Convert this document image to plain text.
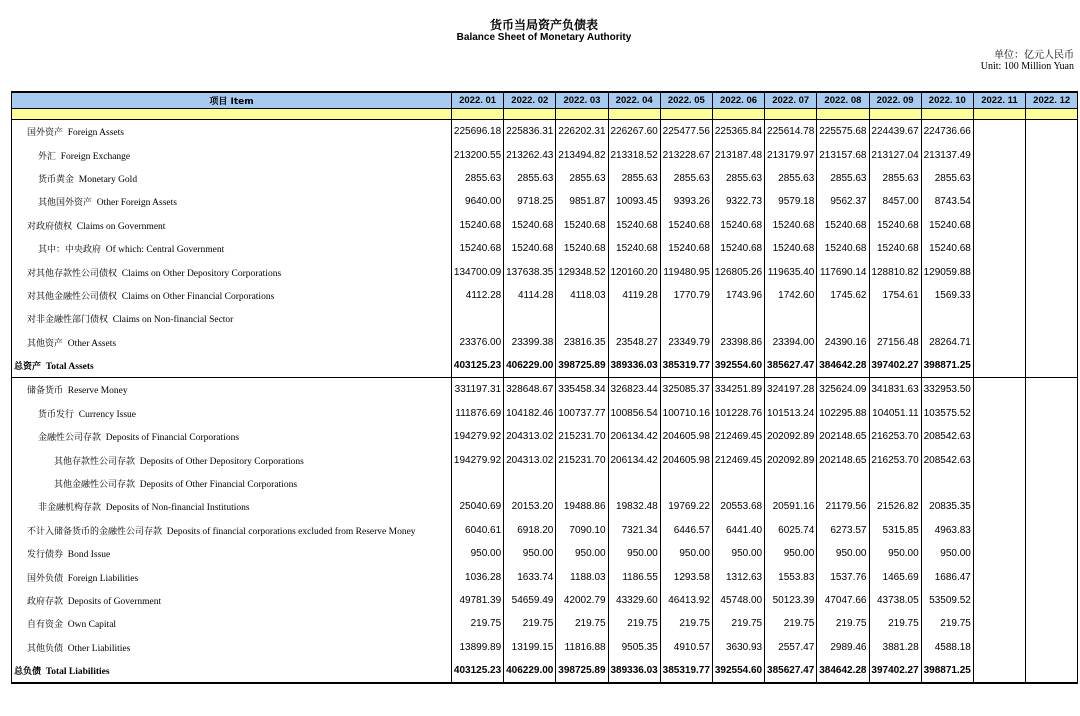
货币当局资产负债表
Balance Sheet of Monetary Authority
单位：亿元人民币
Unit: 100 Million Yuan
项目 Item	2022. 01	2022. 02	2022. 03	2022. 04	2022. 05	2022. 06	2022. 07	2022. 08	2022. 09	2022. 10	2022. 11	2022. 12

国外资产 Foreign Assets	225696.18	225836.31	226202.31	226267.60	225477.56	225365.84	225614.78	225575.68	224439.67	224736.66		
外汇 Foreign Exchange	213200.55	213262.43	213494.82	213318.52	213228.67	213187.48	213179.97	213157.68	213127.04	213137.49		
货币黄金 Monetary Gold	2855.63	2855.63	2855.63	2855.63	2855.63	2855.63	2855.63	2855.63	2855.63	2855.63		
其他国外资产 Other Foreign Assets	9640.00	9718.25	9851.87	10093.45	9393.26	9322.73	9579.18	9562.37	8457.00	8743.54		
对政府债权 Claims on Government	15240.68	15240.68	15240.68	15240.68	15240.68	15240.68	15240.68	15240.68	15240.68	15240.68		
其中：中央政府 Of which: Central Government	15240.68	15240.68	15240.68	15240.68	15240.68	15240.68	15240.68	15240.68	15240.68	15240.68		
对其他存款性公司债权 Claims on Other Depository Corporations	134700.09	137638.35	129348.52	120160.20	119480.95	126805.26	119635.40	117690.14	128810.82	129059.88		
对其他金融性公司债权 Claims on Other Financial Corporations	4112.28	4114.28	4118.03	4119.28	1770.79	1743.96	1742.60	1745.62	1754.61	1569.33		
对非金融性部门债权 Claims on Non-financial Sector												
其他资产 Other Assets	23376.00	23399.38	23816.35	23548.27	23349.79	23398.86	23394.00	24390.16	27156.48	28264.71		
总资产 Total Assets	403125.23	406229.00	398725.89	389336.03	385319.77	392554.60	385627.47	384642.28	397402.27	398871.25		
储备货币 Reserve Money	331197.31	328648.67	335458.34	326823.44	325085.37	334251.89	324197.28	325624.09	341831.63	332953.50		
货币发行 Currency Issue	111876.69	104182.46	100737.77	100856.54	100710.16	101228.76	101513.24	102295.88	104051.11	103575.52		
金融性公司存款 Deposits of Financial Corporations	194279.92	204313.02	215231.70	206134.42	204605.98	212469.45	202092.89	202148.65	216253.70	208542.63		
其他存款性公司存款 Deposits of Other Depository Corporations	194279.92	204313.02	215231.70	206134.42	204605.98	212469.45	202092.89	202148.65	216253.70	208542.63		
其他金融性公司存款 Deposits of Other Financial Corporations												
非金融机构存款 Deposits of Non-financial Institutions	25040.69	20153.20	19488.86	19832.48	19769.22	20553.68	20591.16	21179.56	21526.82	20835.35		
不计入储备货币的金融性公司存款 Deposits of financial corporations excluded from Reserve Money	6040.61	6918.20	7090.10	7321.34	6446.57	6441.40	6025.74	6273.57	5315.85	4963.83		
发行债券 Bond Issue	950.00	950.00	950.00	950.00	950.00	950.00	950.00	950.00	950.00	950.00		
国外负债 Foreign Liabilities	1036.28	1633.74	1188.03	1186.55	1293.58	1312.63	1553.83	1537.76	1465.69	1686.47		
政府存款 Deposits of Government	49781.39	54659.49	42002.79	43329.60	46413.92	45748.00	50123.39	47047.66	43738.05	53509.52		
自有资金 Own Capital	219.75	219.75	219.75	219.75	219.75	219.75	219.75	219.75	219.75	219.75		
其他负债 Other Liabilities	13899.89	13199.15	11816.88	9505.35	4910.57	3630.93	2557.47	2989.46	3881.28	4588.18		
总负债 Total Liabilities	403125.23	406229.00	398725.89	389336.03	385319.77	392554.60	385627.47	384642.28	397402.27	398871.25		
